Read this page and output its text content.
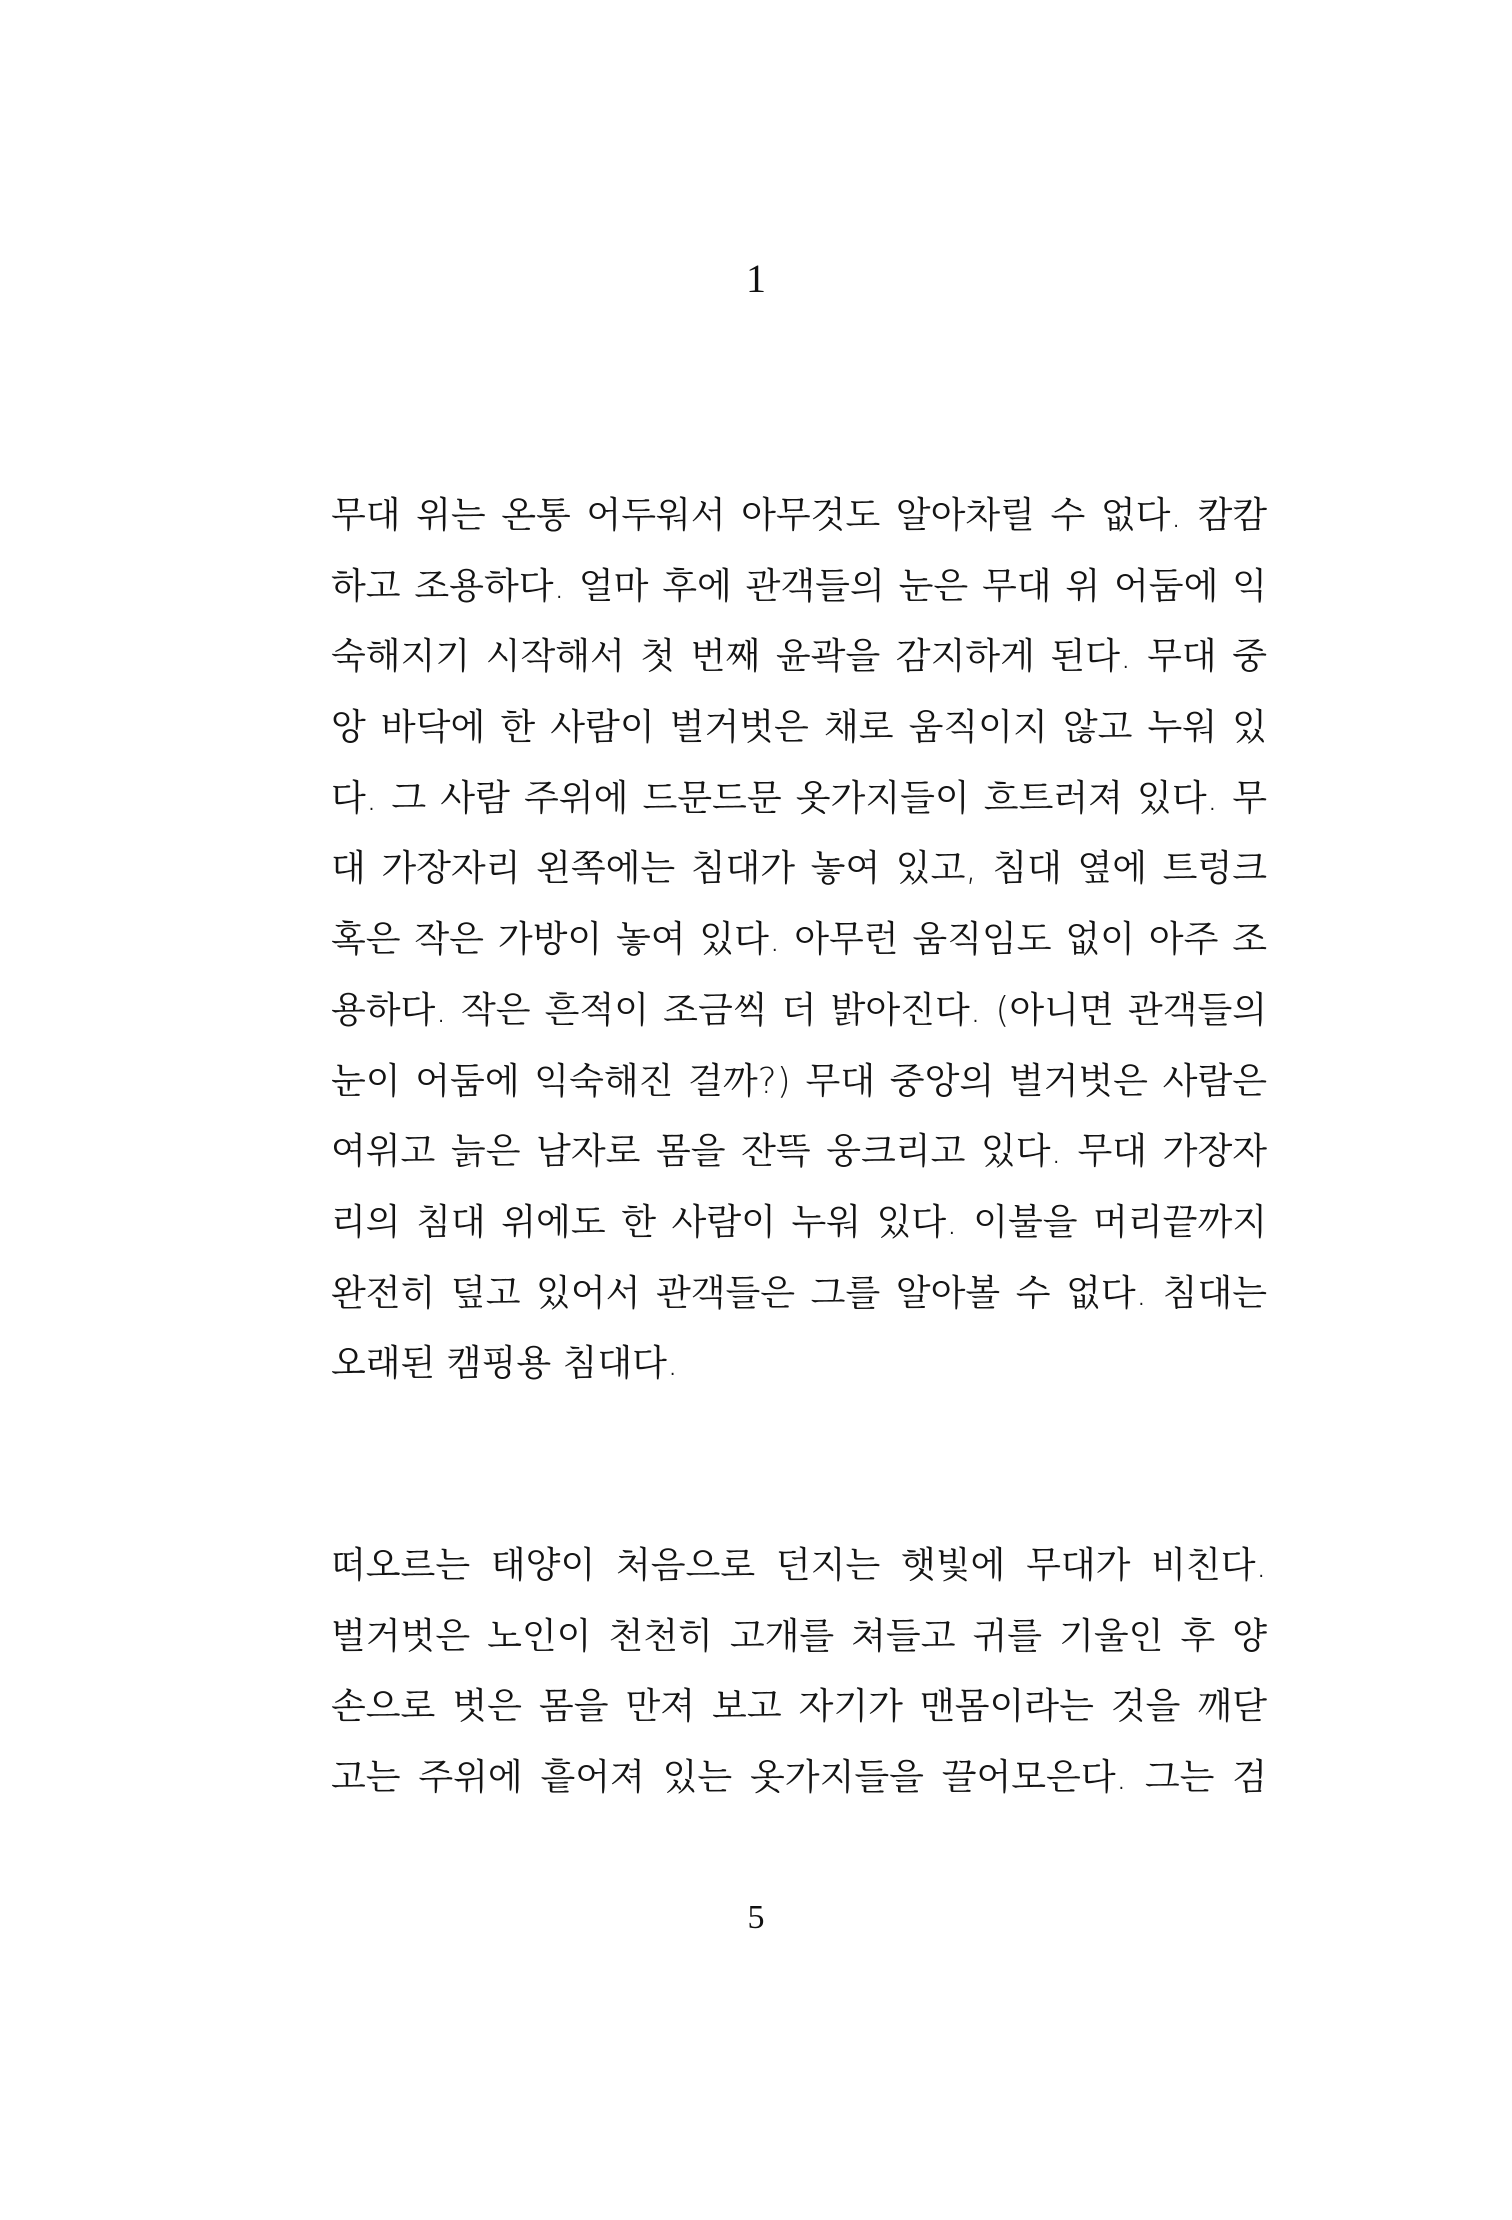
1
무대 위는 온통 어두워서 아무것도 알아차릴 수 없다. 캄캄
하고 조용하다. 얼마 후에 관객들의 눈은 무대 위 어둠에 익
숙해지기 시작해서 첫 번째 윤곽을 감지하게 된다. 무대 중
앙 바닥에 한 사람이 벌거벗은 채로 움직이지 않고 누워 있
다. 그 사람 주위에 드문드문 옷가지들이 흐트러져 있다. 무
대 가장자리 왼쪽에는 침대가 놓여 있고, 침대 옆에 트렁크
혹은 작은 가방이 놓여 있다. 아무런 움직임도 없이 아주 조
용하다. 작은 흔적이 조금씩 더 밝아진다. (아니면 관객들의
눈이 어둠에 익숙해진 걸까?) 무대 중앙의 벌거벗은 사람은
여위고 늙은 남자로 몸을 잔뜩 웅크리고 있다. 무대 가장자
리의 침대 위에도 한 사람이 누워 있다. 이불을 머리끝까지
완전히 덮고 있어서 관객들은 그를 알아볼 수 없다. 침대는
오래된 캠핑용 침대다.
떠오르는 태양이 처음으로 던지는 햇빛에 무대가 비친다.
벌거벗은 노인이 천천히 고개를 쳐들고 귀를 기울인 후 양
손으로 벗은 몸을 만져 보고 자기가 맨몸이라는 것을 깨닫
고는 주위에 흩어져 있는 옷가지들을 끌어모은다. 그는 검
5
